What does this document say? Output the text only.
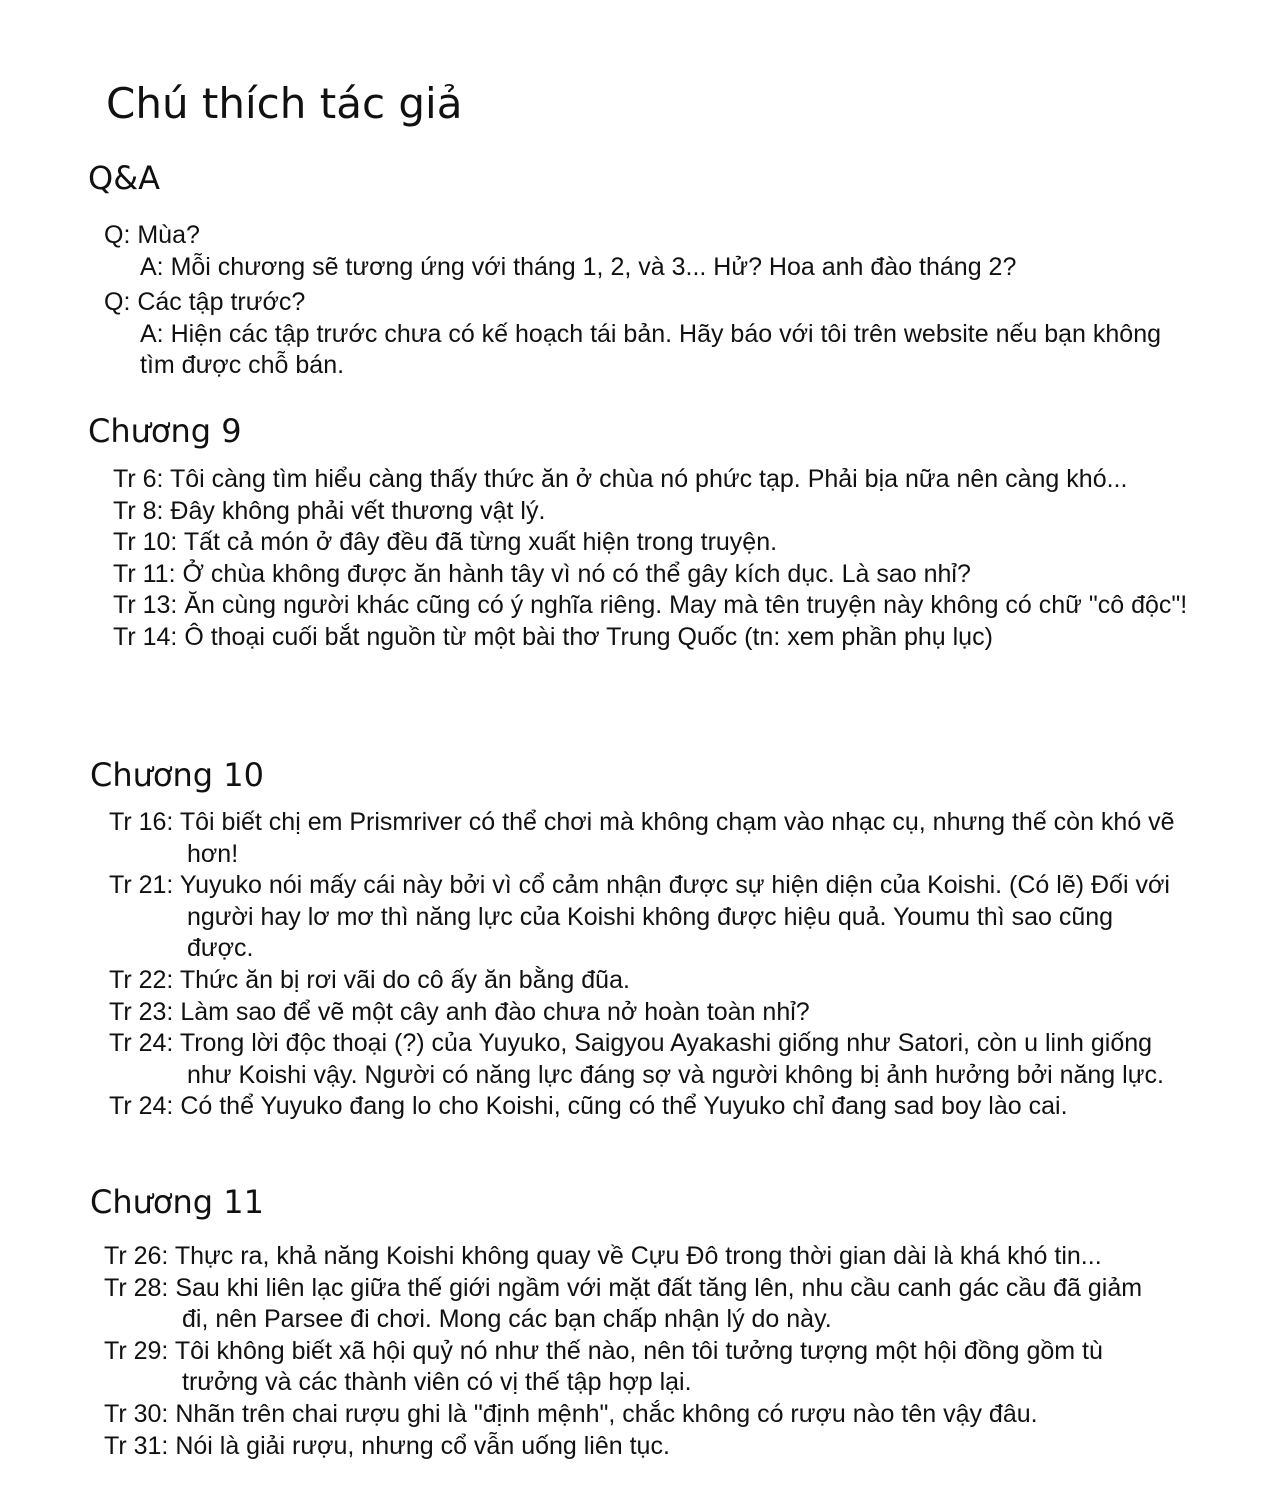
Chú thích tác giả
Q&A
Q: Mùa?
A: Mỗi chương sẽ tương ứng với tháng 1, 2, và 3... Hử? Hoa anh đào tháng 2?
Q: Các tập trước?
A: Hiện các tập trước chưa có kế hoạch tái bản. Hãy báo với tôi trên website nếu bạn không tìm được chỗ bán.
Chương 9
Tr 6: Tôi càng tìm hiểu càng thấy thức ăn ở chùa nó phức tạp. Phải bịa nữa nên càng khó...
Tr 8: Đây không phải vết thương vật lý.
Tr 10: Tất cả món ở đây đều đã từng xuất hiện trong truyện.
Tr 11: Ở chùa không được ăn hành tây vì nó có thể gây kích dục. Là sao nhỉ?
Tr 13: Ăn cùng người khác cũng có ý nghĩa riêng. May mà tên truyện này không có chữ "cô độc"!
Tr 14: Ô thoại cuối bắt nguồn từ một bài thơ Trung Quốc (tn: xem phần phụ lục)
Chương 10
Tr 16: Tôi biết chị em Prismriver có thể chơi mà không chạm vào nhạc cụ, nhưng thế còn khó vẽ hơn!
Tr 21: Yuyuko nói mấy cái này bởi vì cổ cảm nhận được sự hiện diện của Koishi. (Có lẽ) Đối với người hay lơ mơ thì năng lực của Koishi không được hiệu quả. Youmu thì sao cũng được.
Tr 22: Thức ăn bị rơi vãi do cô ấy ăn bằng đũa.
Tr 23: Làm sao để vẽ một cây anh đào chưa nở hoàn toàn nhỉ?
Tr 24: Trong lời độc thoại (?) của Yuyuko, Saigyou Ayakashi giống như Satori, còn u linh giống như Koishi vậy. Người có năng lực đáng sợ và người không bị ảnh hưởng bởi năng lực.
Tr 24: Có thể Yuyuko đang lo cho Koishi, cũng có thể Yuyuko chỉ đang sad boy lào cai.
Chương 11
Tr 26: Thực ra, khả năng Koishi không quay về Cựu Đô trong thời gian dài là khá khó tin...
Tr 28: Sau khi liên lạc giữa thế giới ngầm với mặt đất tăng lên, nhu cầu canh gác cầu đã giảm đi, nên Parsee đi chơi. Mong các bạn chấp nhận lý do này.
Tr 29: Tôi không biết xã hội quỷ nó như thế nào, nên tôi tưởng tượng một hội đồng gồm tù trưởng và các thành viên có vị thế tập hợp lại.
Tr 30: Nhãn trên chai rượu ghi là "định mệnh", chắc không có rượu nào tên vậy đâu.
Tr 31: Nói là giải rượu, nhưng cổ vẫn uống liên tục.
